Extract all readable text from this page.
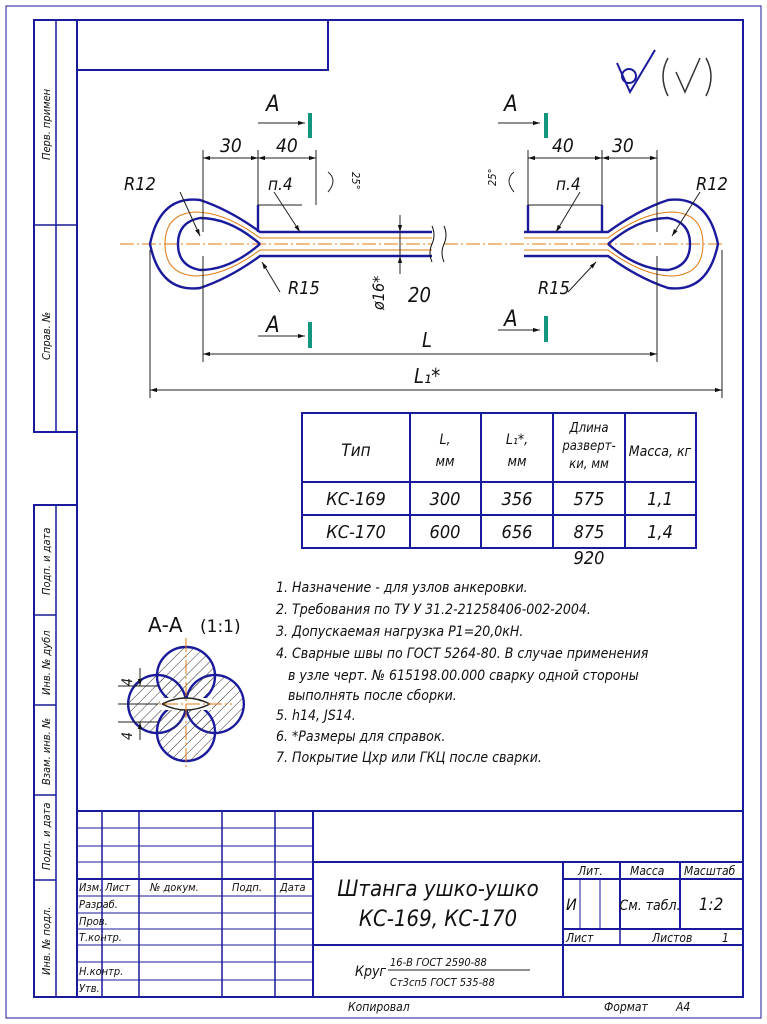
Перв. примен
Справ. №
Подп. и дата
Инв. № дубл
Взам. инв. №
Подп. и дата
Инв. № подл.
А	А
А	А
30 40	40 30
R12	R12
п.4	п.4
25°	25°
R15	R15
ø16* 20
L
L₁*
Тип
L, мм
L₁*, мм
Длина разверт-ки, мм
Масса, кг
КС-169 300 356 575 1,1
КС-170 600 656 875 1,4
920
А-А (1:1)
4
4
1. Назначение - для узлов анкеровки.
2. Требования по ТУ У 31.2-21258406-002-2004.
3. Допускаемая нагрузка P1=20,0кН.
4. Сварные швы по ГОСТ 5264-80. В случае применения
в узле черт. № 615198.00.000 сварку одной стороны
выполнять после сборки.
5. h14, JS14.
6. *Размеры для справок.
7. Покрытие Цхр или ГКЦ после сварки.
Изм. Лист № докум.	Подп. Дата
Разраб.
Пров.
Т.контр.
Н.контр.
Утв.
Штанга ушко-ушко
КС-169, КС-170
Круг
16-В ГОСТ 2590-88
Ст3сп5 ГОСТ 535-88
Лит. Масса Масштаб
И	См. табл. 1:2
Лист	Листов 1
Копировал	Формат А4
